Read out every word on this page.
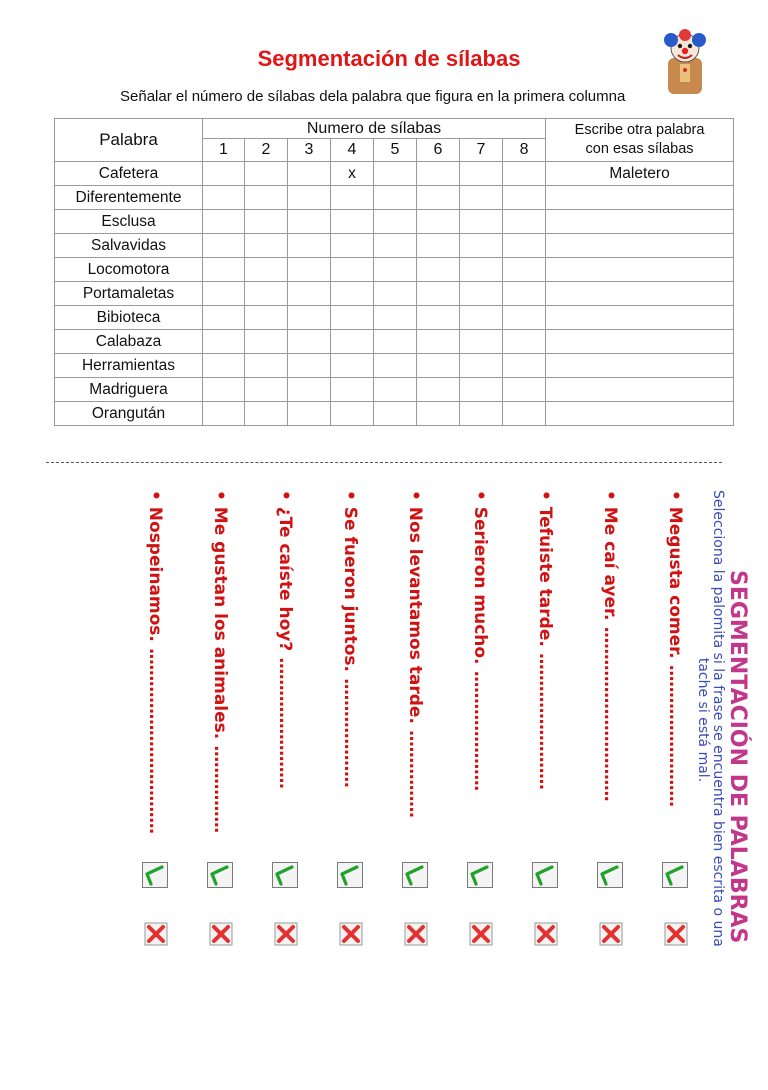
Segmentación de sílabas
Señalar el número de sílabas dela palabra que figura en la primera columna
Palabra	Numero de sílabas								Escribe otra palabra
con esas sílabas
	1	2	3	4	5	6	7	8	
Cafetera				x					Maletero
Diferentemente									
Esclusa									
Salvavidas									
Locomotora									
Portamaletas									
Bibioteca									
Calabaza									
Herramientas									
Madriguera									
Orangután									
SEGMENTACIÓN DE PALABRAS
Selecciona la palomita si la frase se encuentra bien escrita o una
tache si está mal.
• Megusta comer. ..........................
• Me caí ayer. ................................
• Tefuiste tarde. .........................
• Serieron mucho. ......................
• Nos levantamos tarde. ................
• Se fueron juntos. ....................
• ¿Te caíste hoy? ........................
• Me gustan los animales. ................
• Nospeinamos. ..................................
